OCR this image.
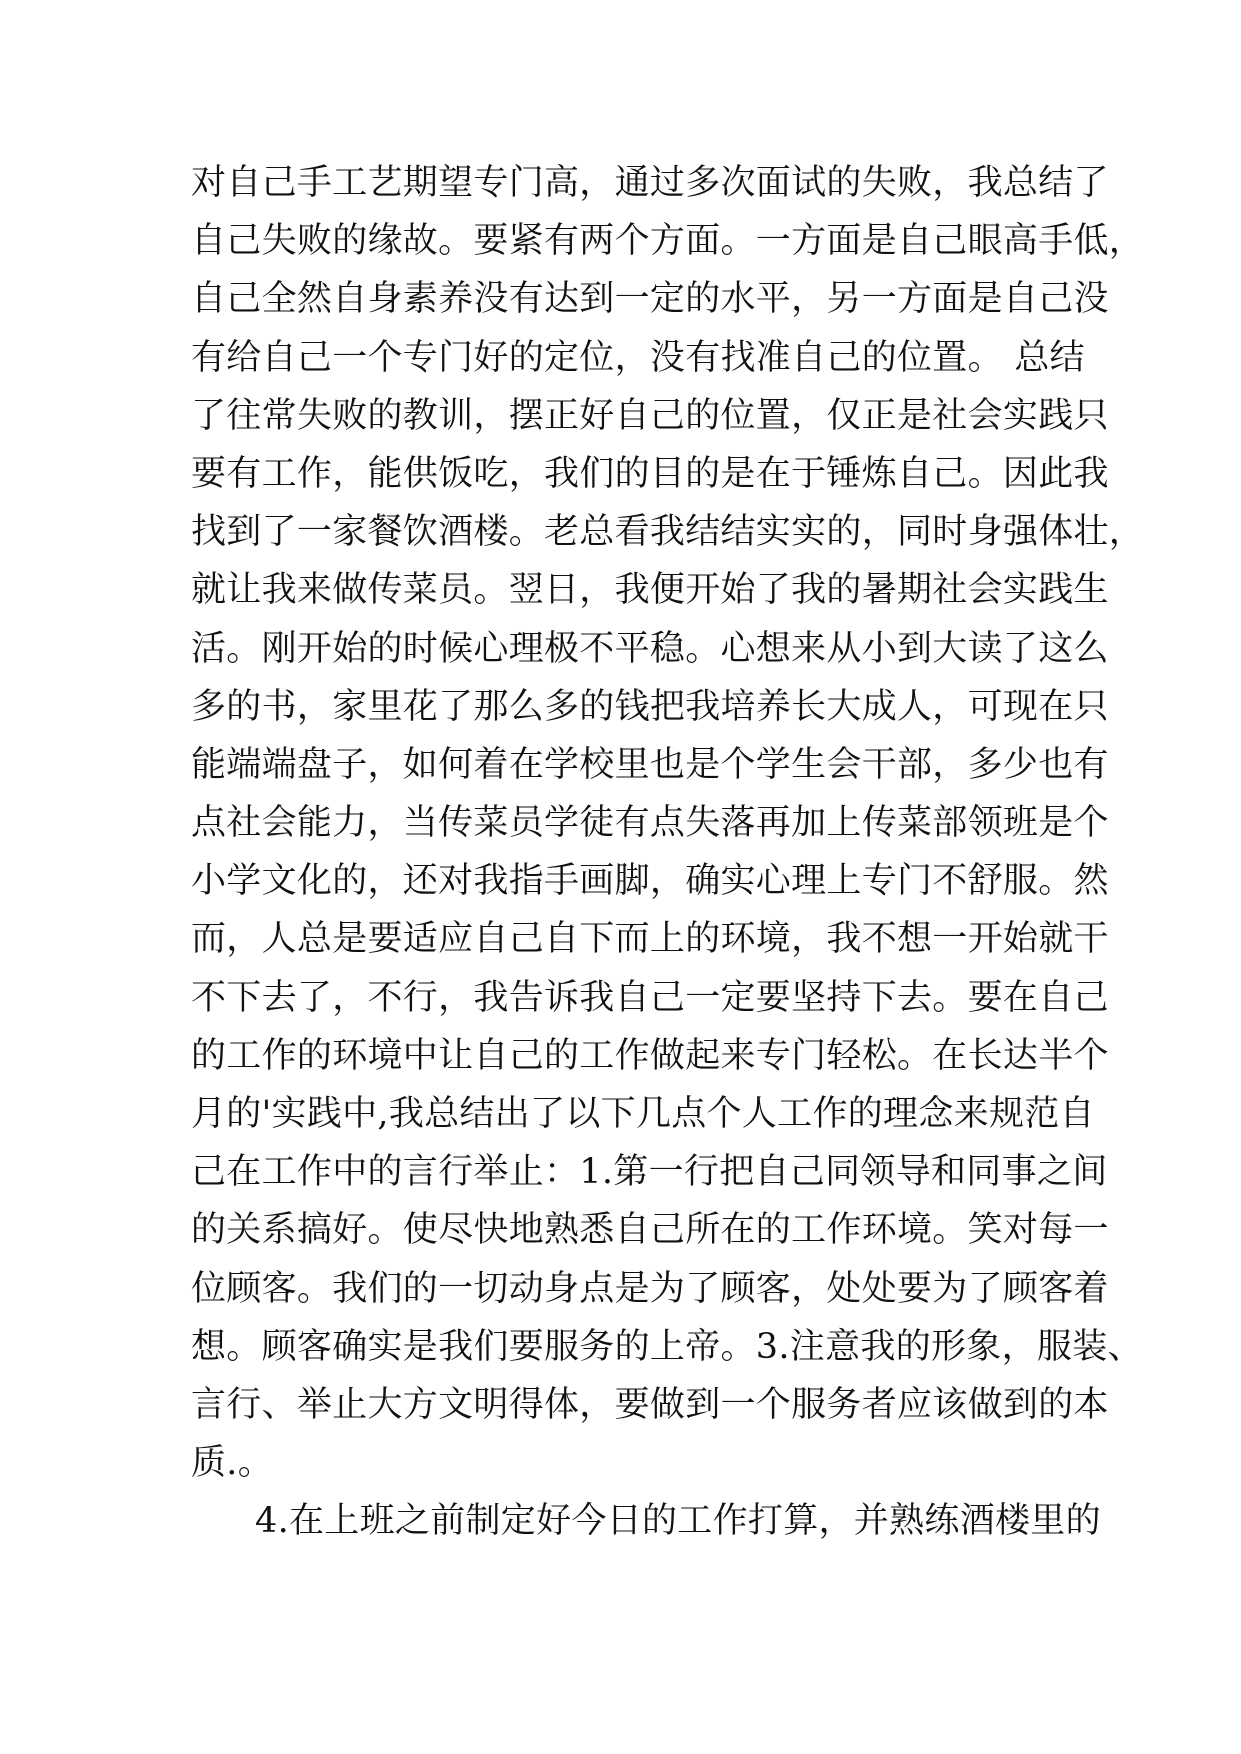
对自己手工艺期望专门高，通过多次面试的失败，我总结了
自己失败的缘故。要紧有两个方面。一方面是自己眼高手低，
自己全然自身素养没有达到一定的水平，另一方面是自己没
有给自己一个专门好的定位，没有找准自己的位置。 总结
了往常失败的教训，摆正好自己的位置，仅正是社会实践只
要有工作，能供饭吃，我们的目的是在于锤炼自己。因此我
找到了一家餐饮酒楼。老总看我结结实实的，同时身强体壮，
就让我来做传菜员。翌日，我便开始了我的暑期社会实践生
活。刚开始的时候心理极不平稳。心想来从小到大读了这么
多的书，家里花了那么多的钱把我培养长大成人，可现在只
能端端盘子，如何着在学校里也是个学生会干部，多少也有
点社会能力，当传菜员学徒有点失落再加上传菜部领班是个
小学文化的，还对我指手画脚，确实心理上专门不舒服。然
而，人总是要适应自己自下而上的环境，我不想一开始就干
不下去了，不行，我告诉我自己一定要坚持下去。要在自己
的工作的环境中让自己的工作做起来专门轻松。在长达半个
月的'实践中,我总结出了以下几点个人工作的理念来规范自
己在工作中的言行举止：1.第一行把自己同领导和同事之间
的关系搞好。使尽快地熟悉自己所在的工作环境。笑对每一
位顾客。我们的一切动身点是为了顾客，处处要为了顾客着
想。顾客确实是我们要服务的上帝。3.注意我的形象，服装、
言行、举止大方文明得体，要做到一个服务者应该做到的本
质.。
4.在上班之前制定好今日的工作打算，并熟练酒楼里的
